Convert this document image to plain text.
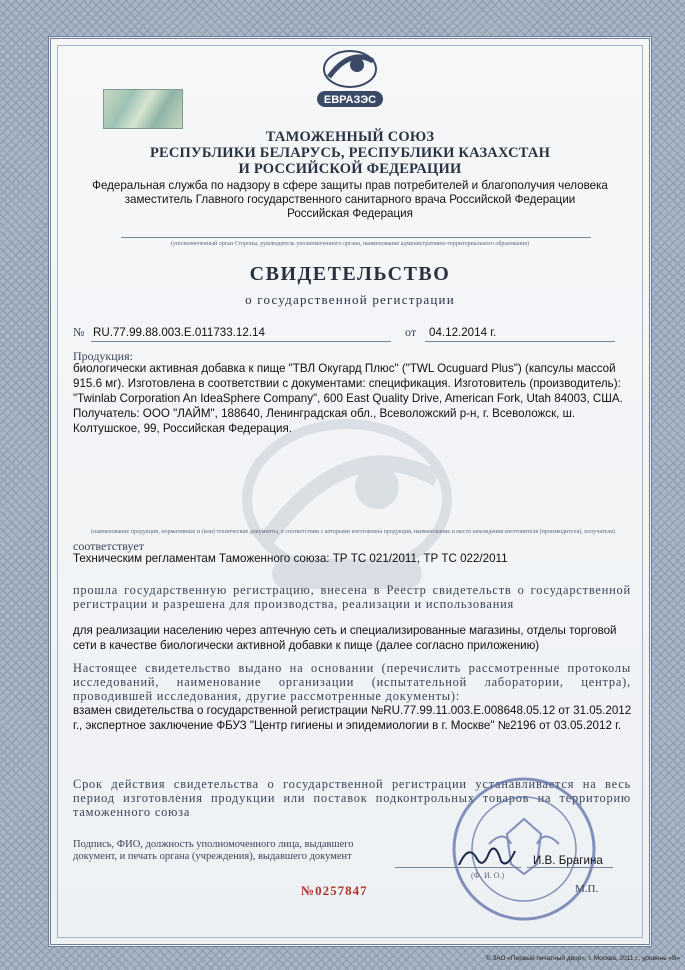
ЕВРАЗЭС
ТАМОЖЕННЫЙ СОЮЗ
РЕСПУБЛИКИ БЕЛАРУСЬ, РЕСПУБЛИКИ КАЗАХСТАН
И РОССИЙСКОЙ ФЕДЕРАЦИИ
Федеральная служба по надзору в сфере защиты прав потребителей и благополучия человека
заместитель Главного государственного санитарного врача Российской Федерации
Российская Федерация
(уполномоченный орган Стороны, руководитель уполномоченного органа, наименование административно-территориального образования)
СВИДЕТЕЛЬСТВО
о государственной регистрации
№ RU.77.99.88.003.Е.011733.12.14	от 04.12.2014 г.
Продукция:
биологически активная добавка к пище "ТВЛ Окугард Плюс" ("TWL Ocuguard Plus") (капсулы массой 915.6 мг). Изготовлена в соответствии с документами: спецификация. Изготовитель (производитель): "Twinlab Corporation An IdeaSphere Company", 600 East Quality Drive, American Fork, Utah 84003, США. Получатель: ООО "ЛАЙМ", 188640, Ленинградская обл., Всеволожский р-н, г. Всеволожск, ш. Колтушское, 99, Российская Федерация.
(наименование продукции, нормативные и (или) технические документы, в соответствии с которыми изготовлена продукция, наименование и место нахождения изготовителя (производителя), получателя)
соответствует
Техническим регламентам Таможенного союза: ТР ТС 021/2011, ТР ТС 022/2011
прошла государственную регистрацию, внесена в Реестр свидетельств о государственной регистрации и разрешена для производства, реализации и использования
для реализации населению через аптечную сеть и специализированные магазины, отделы торговой сети в качестве биологически активной добавки к пище (далее согласно приложению)
Настоящее свидетельство выдано на основании (перечислить рассмотренные протоколы исследований, наименование организации (испытательной лаборатории, центра), проводившей исследования, другие рассмотренные документы):
взамен свидетельства о государственной регистрации №RU.77.99.11.003.Е.008648.05.12 от 31.05.2012 г., экспертное заключение ФБУЗ "Центр гигиены и эпидемиологии в г. Москве" №2196 от 03.05.2012 г.
Срок действия свидетельства о государственной регистрации устанавливается на весь период изготовления продукции или поставок подконтрольных товаров на территорию таможенного союза
Подпись, ФИО, должность уполномоченного лица, выдавшего документ, и печать органа (учреждения), выдавшего документ	И.В. Брагина
(Ф. И. О.)
М.П.
№0257847
© ЗАО «Первый печатный двор», г. Москва, 2011 г., уровень «В»
